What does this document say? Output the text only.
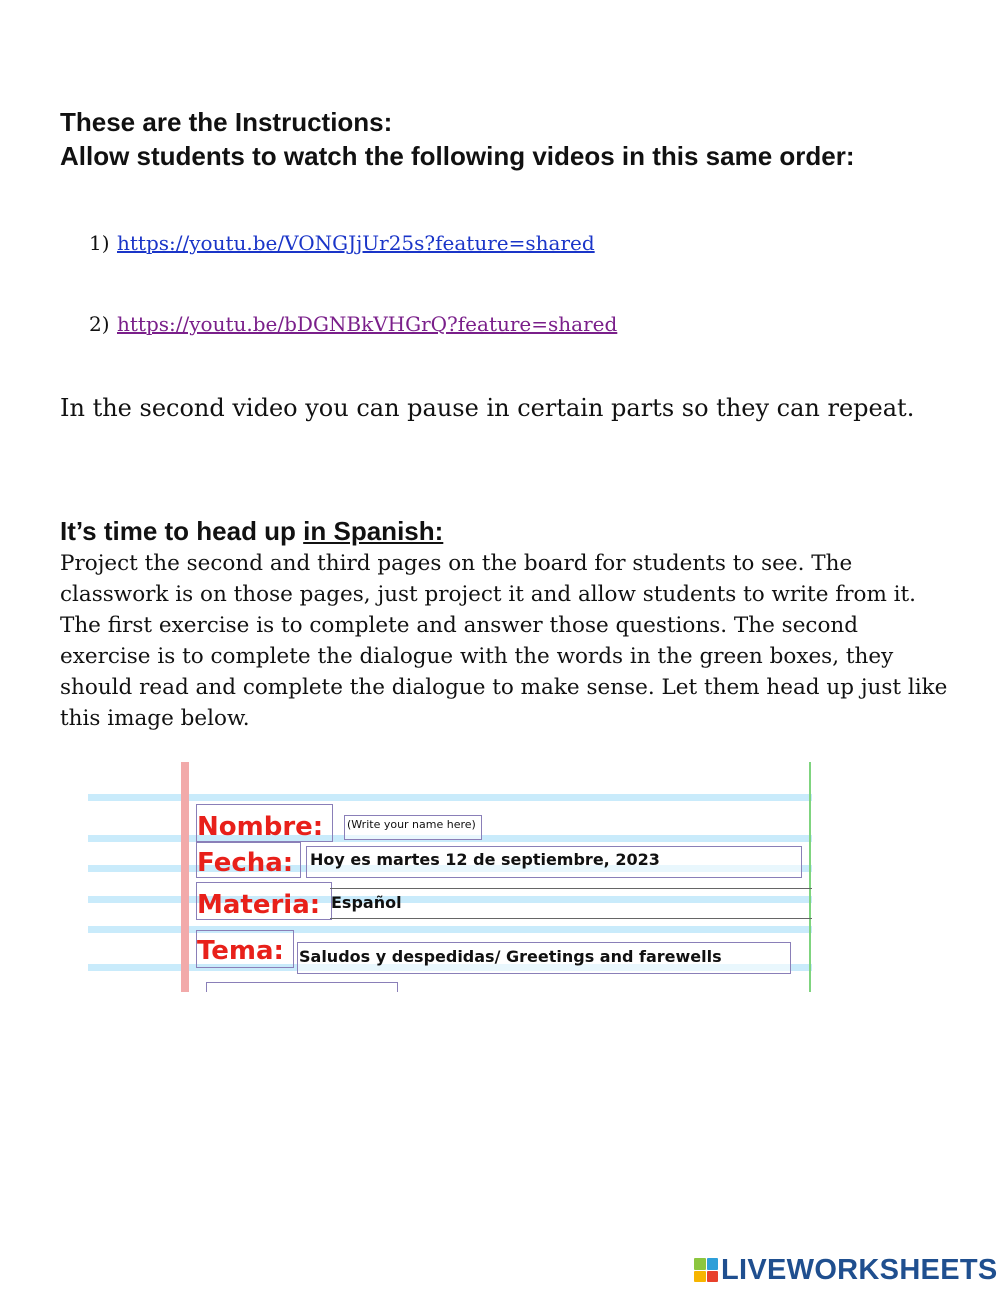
These are the Instructions:
Allow students to watch the following videos in this same order:
1) https://youtu.be/VONGJjUr25s?feature=shared
2) https://youtu.be/bDGNBkVHGrQ?feature=shared
In the second video you can pause in certain parts so they can repeat.
It’s time to head up in Spanish:
Project the second and third pages on the board for students to see. The classwork is on those pages, just project it and allow students to write from it. The first exercise is to complete and answer those questions. The second exercise is to complete the dialogue with the words in the green boxes, they should read and complete the dialogue to make sense. Let them head up just like this image below.
Nombre: (Write your name here)
Fecha: Hoy es martes 12 de septiembre, 2023
Materia: Español
Tema: Saludos y despedidas/ Greetings and farewells
LIVEWORKSHEETS
